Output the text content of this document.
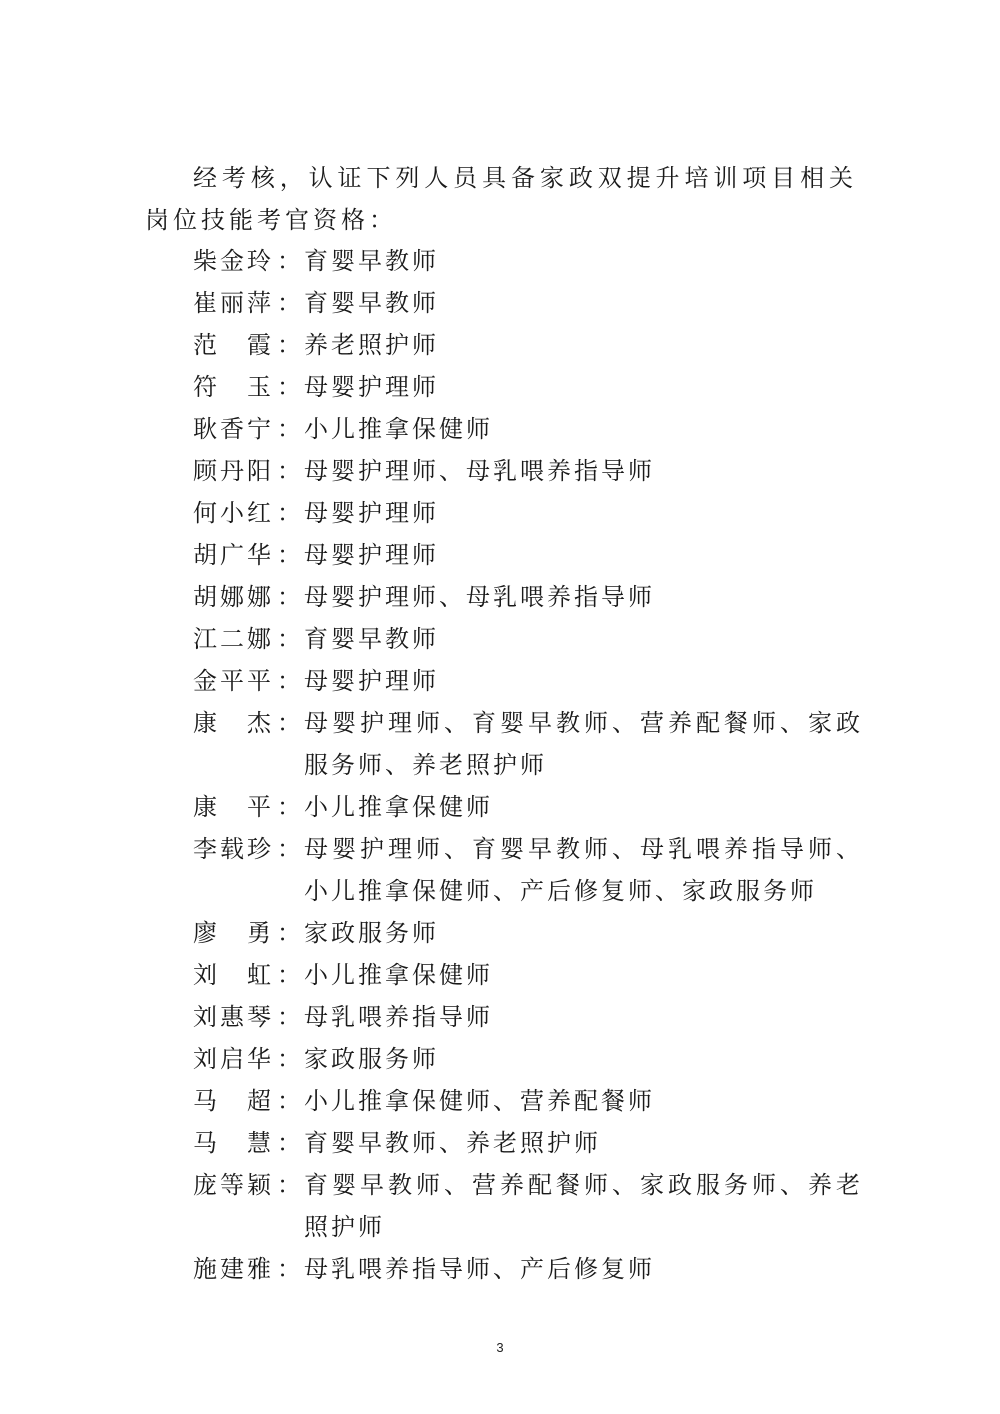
经考核，认证下列人员具备家政双提升培训项目相关岗位技能考官资格：

柴金玲 ： 育婴早教师
崔丽萍 ： 育婴早教师
范　霞 ： 养老照护师
符　玉 ： 母婴护理师
耿香宁 ： 小儿推拿保健师
顾丹阳 ： 母婴护理师、母乳喂养指导师
何小红 ： 母婴护理师
胡广华 ： 母婴护理师
胡娜娜 ： 母婴护理师、母乳喂养指导师
江二娜 ： 育婴早教师
金平平 ： 母婴护理师
康　杰 ： 母婴护理师、育婴早教师、营养配餐师、家政服务师、养老照护师
康　平 ： 小儿推拿保健师
李载珍 ： 母婴护理师、育婴早教师、母乳喂养指导师、小儿推拿保健师、产后修复师、家政服务师
廖　勇 ： 家政服务师
刘　虹 ： 小儿推拿保健师
刘惠琴 ： 母乳喂养指导师
刘启华 ： 家政服务师
马　超 ： 小儿推拿保健师、营养配餐师
马　慧 ： 育婴早教师、养老照护师
庞等颖 ： 育婴早教师、营养配餐师、家政服务师、养老照护师
施建雅 ： 母乳喂养指导师、产后修复师
3
